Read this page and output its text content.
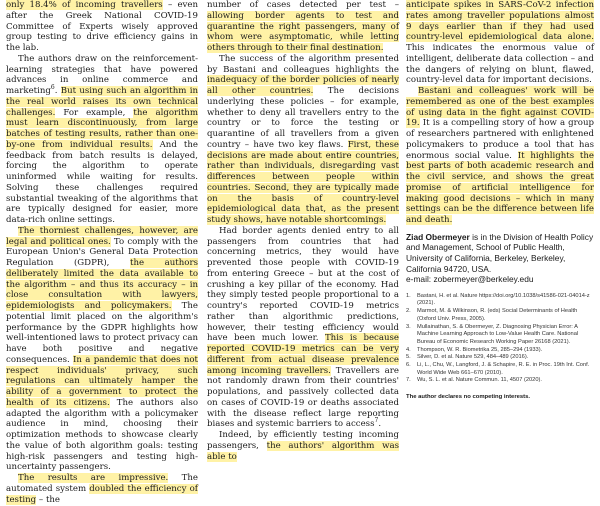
only 18.4% of incoming travellers – even after the Greek National COVID-19 Committee of Experts wisely approved group testing to drive efficiency gains in the lab.

The authors draw on the reinforcement-learning strategies that have powered advances in online commerce and marketing$^6$. But using such an algorithm in the real world raises its own technical challenges. For example, the algorithm must learn discontinuously, from large batches of testing results, rather than one-by-one from individual results. And the feedback from batch results is delayed, forcing the algorithm to operate uninformed while waiting for results. Solving these challenges required substantial tweaking of the algorithms that are typically designed for easier, more data-rich online settings.

The thorniest challenges, however, are legal and political ones. To comply with the European Union's General Data Protection Regulation (GDPR), the authors deliberately limited the data available to the algorithm – and thus its accuracy – in close consultation with lawyers, epidemiologists and policymakers. The potential limit placed on the algorithm's performance by the GDPR highlights how well-intentioned laws to protect privacy can have both positive and negative consequences. In a pandemic that does not respect individuals' privacy, such regulations can ultimately hamper the ability of a government to protect the health of its citizens. The authors also adapted the algorithm with a policymaker audience in mind, choosing their optimization methods to showcase clearly the value of both algorithm goals: testing high-risk passengers and testing high-uncertainty passengers.

The results are impressive. The automated system doubled the efficiency of testing – the

number of cases detected per test – allowing border agents to test and quarantine the right passengers, many of whom were asymptomatic, while letting others through to their final destination.

The success of the algorithm presented by Bastani and colleagues highlights the inadequacy of the border policies of nearly all other countries. The decisions underlying these policies – for example, whether to deny all travellers entry to the country or to force the testing or quarantine of all travellers from a given country – have two key flaws. First, these decisions are made about entire countries, rather than individuals, disregarding vast differences between people within countries. Second, they are typically made on the basis of country-level epidemiological data that, as the present study shows, have notable shortcomings.

Had border agents denied entry to all passengers from countries that had concerning metrics, they would have prevented those people with COVID-19 from entering Greece – but at the cost of crushing a key pillar of the economy. Had they simply tested people proportional to a country's reported COVID-19 metrics rather than algorithmic predictions, however, their testing efficiency would have been much lower. This is because reported COVID-19 metrics can be very different from actual disease prevalence among incoming travellers. Travellers are not randomly drawn from their countries' populations, and passively collected data on cases of COVID-19 or deaths associated with the disease reflect large reporting biases and systemic barriers to access$^7$.

Indeed, by efficiently testing incoming passengers, the authors' algorithm was able to

anticipate spikes in SARS-CoV-2 infection rates among traveller populations almost 9 days earlier than if they had used country-level epidemiological data alone. This indicates the enormous value of intelligent, deliberate data collection – and the dangers of relying on blunt, flawed, country-level data for important decisions.

Bastani and colleagues' work will be remembered as one of the best examples of using data in the fight against COVID-19. It is a compelling story of how a group of researchers partnered with enlightened policymakers to produce a tool that has enormous social value. It highlights the best parts of both academic research and the civil service, and shows the great promise of artificial intelligence for making good decisions – which in many settings can be the difference between life and death.

Ziad Obermeyer is in the Division of Health Policy and Management, School of Public Health, University of California, Berkeley, Berkeley, California 94720, USA.
e-mail: zobermeyer@berkeley.edu
1. Bastani, H. et al. Nature https://doi.org/10.1038/s41586-021-04014-z (2021).
2. Marmot, M. & Wilkinson, R. (eds) Social Determinants of Health (Oxford Univ. Press, 2005).
3. Mullainathan, S. & Obermeyer, Z. Diagnosing Physician Error: A Machine Learning Approach to Low-Value Health Care. National Bureau of Economic Research Working Paper 26168 (2021).
4. Thompson, W. R. Biometrika 25, 285–294 (1933).
5. Silver, D. et al. Nature 529, 484–489 (2016).
6. Li, L., Chu, W., Langford, J. & Schapire, R. E. in Proc. 19th Int. Conf. World Wide Web 661–670 (2010).
7. Wu, S. L. et al. Nature Commun. 11, 4507 (2020).
The author declares no competing interests.
